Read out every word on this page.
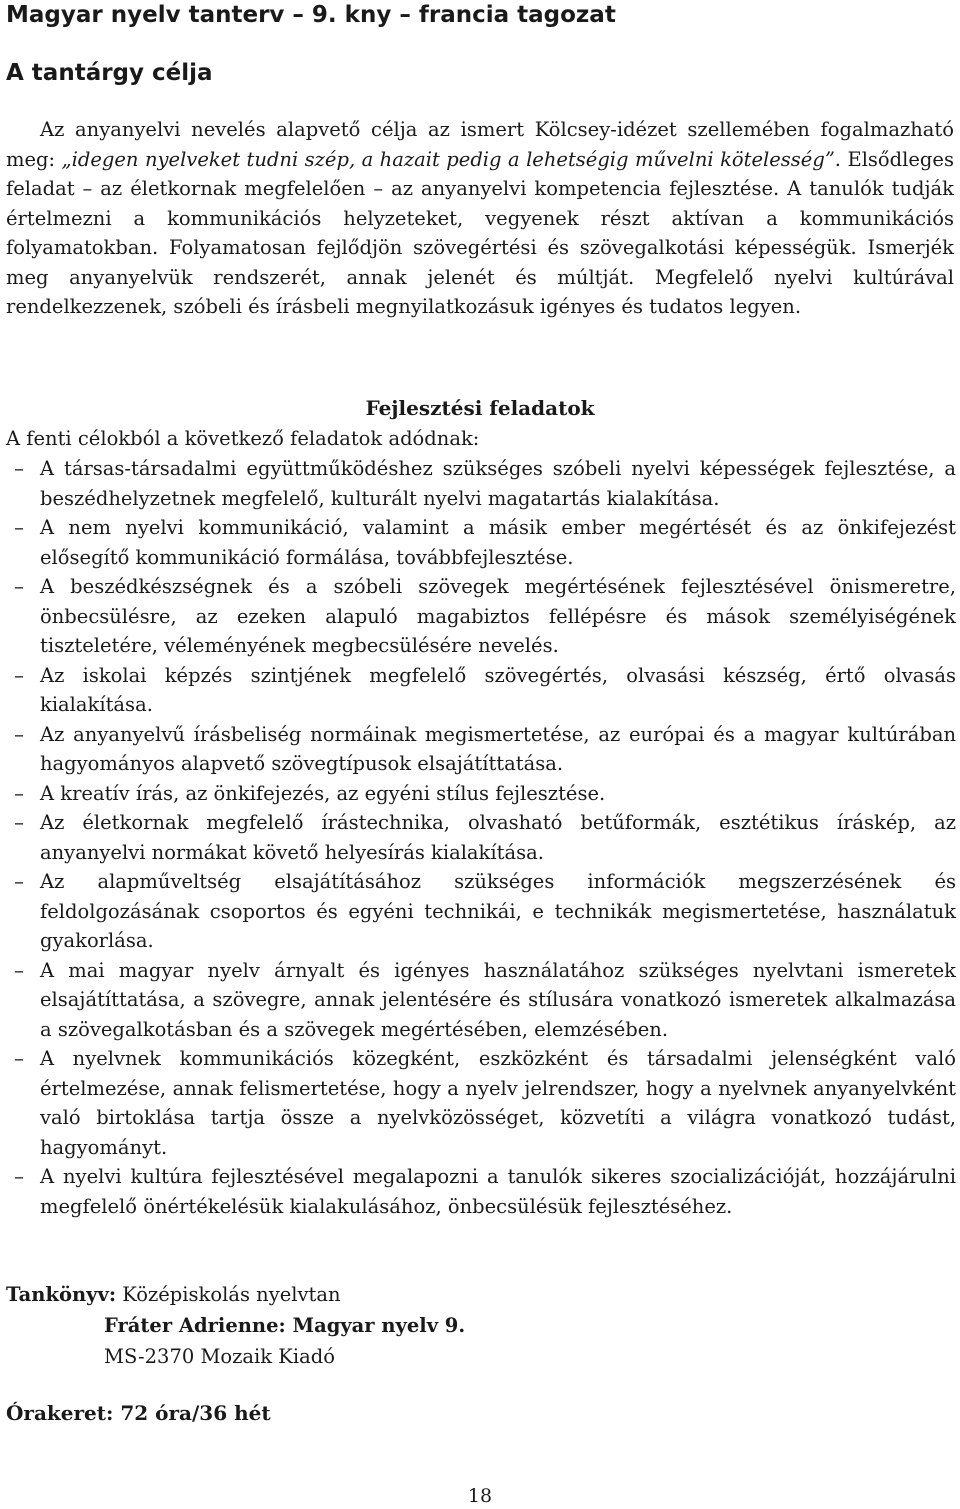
Magyar nyelv tanterv – 9. kny – francia tagozat
A tantárgy célja

Az anyanyelvi nevelés alapvető célja az ismert Kölcsey-idézet szellemében fogalmazható meg: „idegen nyelveket tudni szép, a hazait pedig a lehetségig művelni kötelesség”. Elsődleges feladat – az életkornak megfelelően – az anyanyelvi kompetencia fejlesztése. A tanulók tudják értelmezni a kommunikációs helyzeteket, vegyenek részt aktívan a kommunikációs folyamatokban. Folyamatosan fejlődjön szövegértési és szövegalkotási képességük. Ismerjék meg anyanyelvük rendszerét, annak jelenét és múltját. Megfelelő nyelvi kultúrával rendelkezzenek, szóbeli és írásbeli megnyilatkozásuk igényes és tudatos legyen.

Fejlesztési feladatok

A fenti célokból a következő feladatok adódnak:

– A társas-társadalmi együttműködéshez szükséges szóbeli nyelvi képességek fejlesztése, a beszédhelyzetnek megfelelő, kulturált nyelvi magatartás kialakítása.
– A nem nyelvi kommunikáció, valamint a másik ember megértését és az önkifejezést elősegítő kommunikáció formálása, továbbfejlesztése.
– A beszédkészségnek és a szóbeli szövegek megértésének fejlesztésével önismeretre, önbecsülésre, az ezeken alapuló magabiztos fellépésre és mások személyiségének tiszteletére, véleményének megbecsülésére nevelés.
– Az iskolai képzés szintjének megfelelő szövegértés, olvasási készség, értő olvasás kialakítása.
– Az anyanyelvű írásbeliség normáinak megismertetése, az európai és a magyar kultúrában hagyományos alapvető szövegtípusok elsajátíttatása.
– A kreatív írás, az önkifejezés, az egyéni stílus fejlesztése.
– Az életkornak megfelelő írástechnika, olvasható betűformák, esztétikus íráskép, az anyanyelvi normákat követő helyesírás kialakítása.
– Az alapműveltség elsajátításához szükséges információk megszerzésének és feldolgozásának csoportos és egyéni technikái, e technikák megismertetése, használatuk gyakorlása.
– A mai magyar nyelv árnyalt és igényes használatához szükséges nyelvtani ismeretek elsajátíttatása, a szövegre, annak jelentésére és stílusára vonatkozó ismeretek alkalmazása a szövegalkotásban és a szövegek megértésében, elemzésében.
– A nyelvnek kommunikációs közegként, eszközként és társadalmi jelenségként való értelmezése, annak felismertetése, hogy a nyelv jelrendszer, hogy a nyelvnek anyanyelvként való birtoklása tartja össze a nyelvközösséget, közvetíti a világra vonatkozó tudást, hagyományt.
– A nyelvi kultúra fejlesztésével megalapozni a tanulók sikeres szocializációját, hozzájárulni megfelelő önértékelésük kialakulásához, önbecsülésük fejlesztéséhez.

Tankönyv: Középiskolás nyelvtan

Fráter Adrienne: Magyar nyelv 9.

MS-2370 Mozaik Kiadó

Órakeret: 72 óra/36 hét

18
